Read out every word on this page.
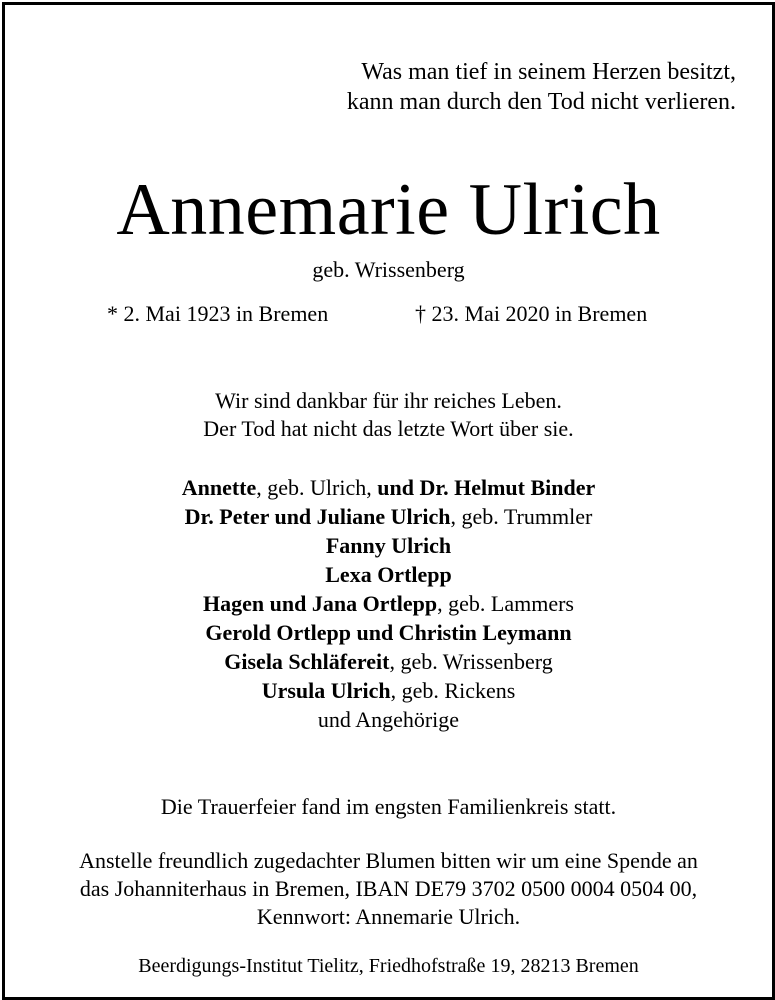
Was man tief in seinem Herzen besitzt,
kann man durch den Tod nicht verlieren.
Annemarie Ulrich
geb. Wrissenberg
* 2. Mai 1923 in Bremen	† 23. Mai 2020 in Bremen
Wir sind dankbar für ihr reiches Leben.
Der Tod hat nicht das letzte Wort über sie.
Annette, geb. Ulrich, und Dr. Helmut Binder
Dr. Peter und Juliane Ulrich, geb. Trummler
Fanny Ulrich
Lexa Ortlepp
Hagen und Jana Ortlepp, geb. Lammers
Gerold Ortlepp und Christin Leymann
Gisela Schläfereit, geb. Wrissenberg
Ursula Ulrich, geb. Rickens
und Angehörige
Die Trauerfeier fand im engsten Familienkreis statt.
Anstelle freundlich zugedachter Blumen bitten wir um eine Spende an
das Johanniterhaus in Bremen, IBAN DE79 3702 0500 0004 0504 00,
Kennwort: Annemarie Ulrich.
Beerdigungs-Institut Tielitz, Friedhofstraße 19, 28213 Bremen
